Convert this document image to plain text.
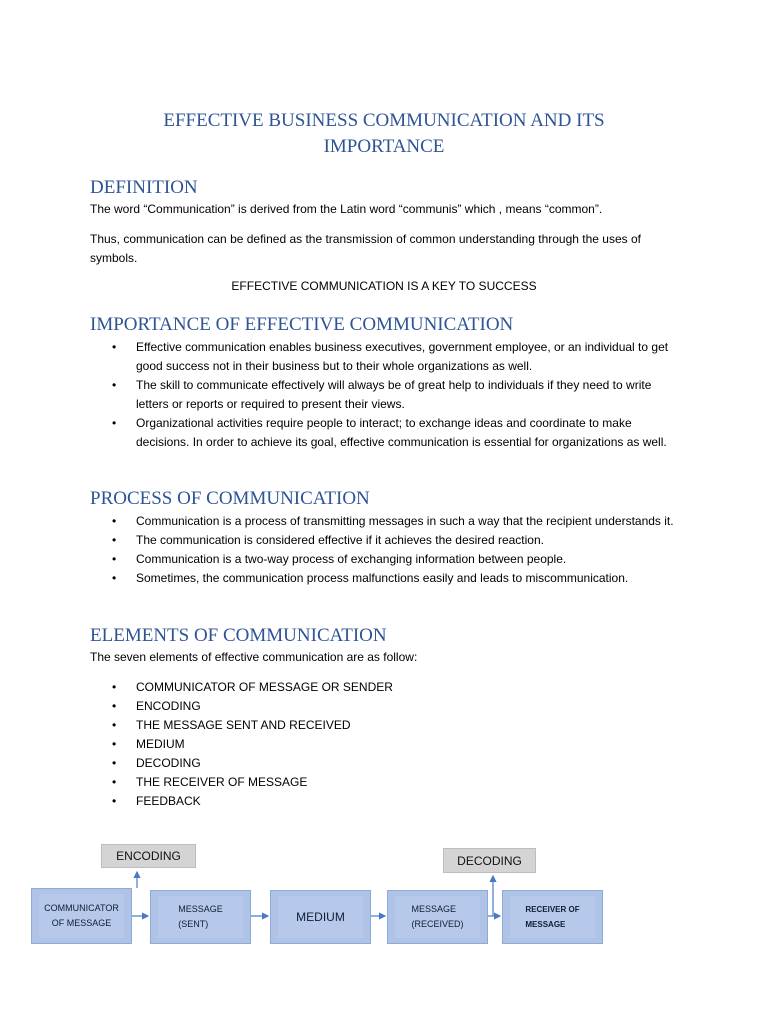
EFFECTIVE BUSINESS COMMUNICATION AND ITS
IMPORTANCE
DEFINITION

The word “Communication” is derived from the Latin word “communis” which , means “common”.

Thus, communication can be defined as the transmission of common understanding through the uses of symbols.

EFFECTIVE COMMUNICATION IS A KEY TO SUCCESS

IMPORTANCE OF EFFECTIVE COMMUNICATION
• Effective communication enables business executives, government employee, or an individual to get good success not in their business but to their whole organizations as well.
• The skill to communicate effectively will always be of great help to individuals if they need to write letters or reports or required to present their views.
• Organizational activities require people to interact; to exchange ideas and coordinate to make decisions. In order to achieve its goal, effective communication is essential for organizations as well.
PROCESS OF COMMUNICATION
• Communication is a process of transmitting messages in such a way that the recipient understands it.
• The communication is considered effective if it achieves the desired reaction.
• Communication is a two-way process of exchanging information between people.
• Sometimes, the communication process malfunctions easily and leads to miscommunication.
ELEMENTS OF COMMUNICATION

The seven elements of effective communication are as follow:

• COMMUNICATOR OF MESSAGE OR SENDER
• ENCODING
• THE MESSAGE SENT AND RECEIVED
• MEDIUM
• DECODING
• THE RECEIVER OF MESSAGE
• FEEDBACK
ENCODING	DECODING
COMMUNICATOR
OF MESSAGE
MESSAGE
(SENT)
MEDIUM
MESSAGE
(RECEIVED)
RECEIVER OF
MESSAGE
